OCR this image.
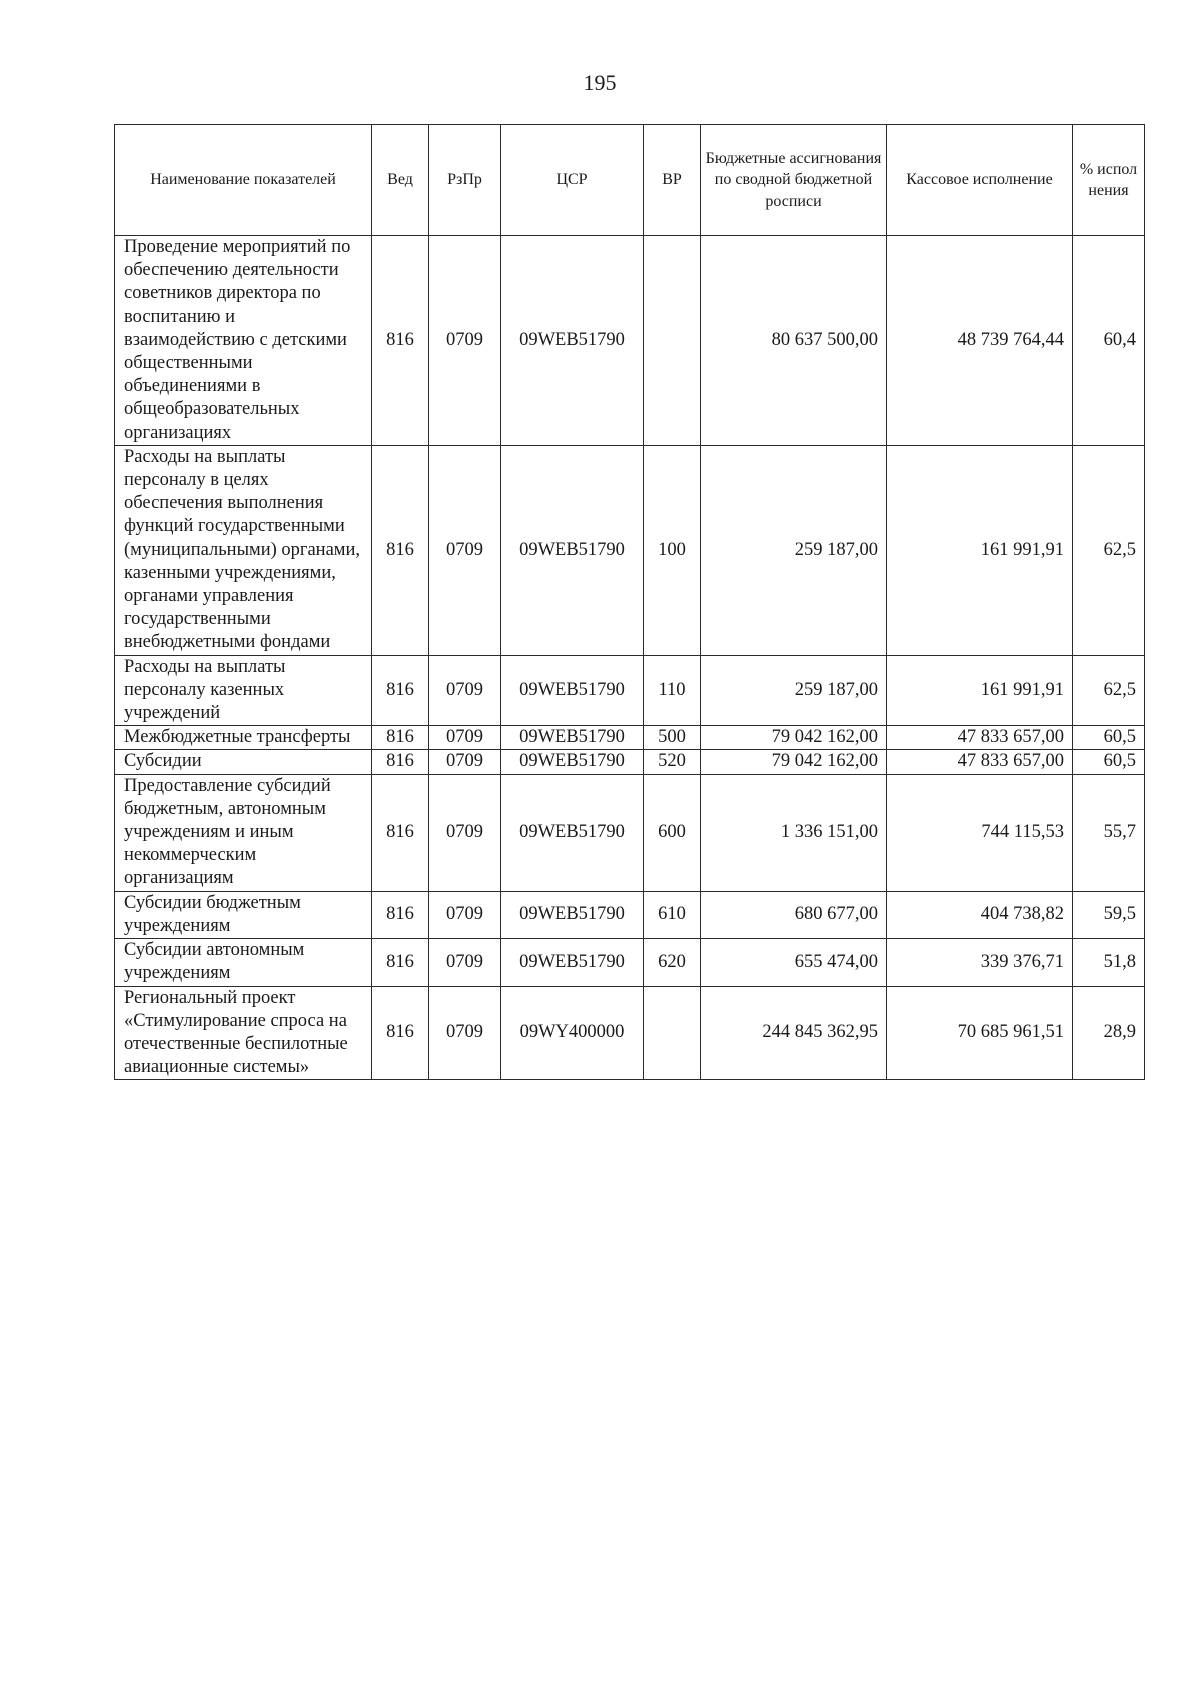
195
Наименование показателей	Вед	РзПр	ЦСР	ВР	Бюджетные ассигнования по сводной бюджетной росписи	Кассовое исполнение	% испол нения
Проведение мероприятий по обеспечению деятельности советников директора по воспитанию и взаимодействию с детскими общественными объединениями в общеобразовательных организациях	816	0709	09WEB51790		80 637 500,00	48 739 764,44	60,4
Расходы на выплаты персоналу в целях обеспечения выполнения функций государственными (муниципальными) органами, казенными учреждениями, органами управления государственными внебюджетными фондами	816	0709	09WEB51790	100	259 187,00	161 991,91	62,5
Расходы на выплаты персоналу казенных учреждений	816	0709	09WEB51790	110	259 187,00	161 991,91	62,5
Межбюджетные трансферты	816	0709	09WEB51790	500	79 042 162,00	47 833 657,00	60,5
Субсидии	816	0709	09WEB51790	520	79 042 162,00	47 833 657,00	60,5
Предоставление субсидий бюджетным, автономным учреждениям и иным некоммерческим организациям	816	0709	09WEB51790	600	1 336 151,00	744 115,53	55,7
Субсидии бюджетным учреждениям	816	0709	09WEB51790	610	680 677,00	404 738,82	59,5
Субсидии автономным учреждениям	816	0709	09WEB51790	620	655 474,00	339 376,71	51,8
Региональный проект «Стимулирование спроса на отечественные беспилотные авиационные системы»	816	0709	09WY400000		244 845 362,95	70 685 961,51	28,9
